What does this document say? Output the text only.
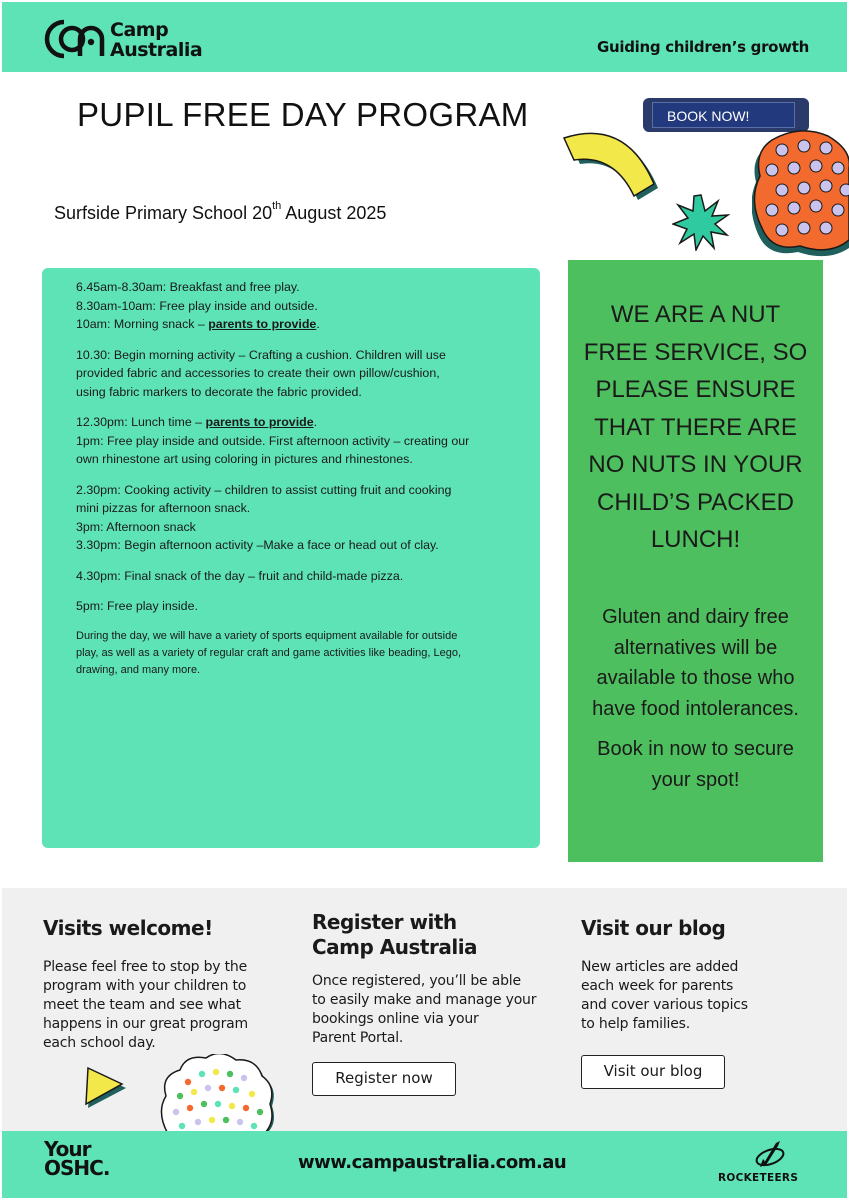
Camp
Australia	Guiding children’s growth
PUPIL FREE DAY PROGRAM	BOOK NOW!
Surfside Primary School 20th August 2025

6.45am-8.30am: Breakfast and free play.

8.30am-10am: Free play inside and outside.

10am: Morning snack – parents to provide.

10.30: Begin morning activity – Crafting a cushion. Children will use

provided fabric and accessories to create their own pillow/cushion,

using fabric markers to decorate the fabric provided.

12.30pm: Lunch time – parents to provide.

1pm: Free play inside and outside. First afternoon activity – creating our

own rhinestone art using coloring in pictures and rhinestones.

2.30pm: Cooking activity – children to assist cutting fruit and cooking

mini pizzas for afternoon snack.

3pm: Afternoon snack

3.30pm: Begin afternoon activity –Make a face or head out of clay.

4.30pm: Final snack of the day – fruit and child-made pizza.

5pm: Free play inside.

During the day, we will have a variety of sports equipment available for outside

play, as well as a variety of regular craft and game activities like beading, Lego,

drawing, and many more.

WE ARE A NUT
FREE SERVICE, SO
PLEASE ENSURE
THAT THERE ARE
NO NUTS IN YOUR
CHILD’S PACKED
LUNCH!
Gluten and dairy free
alternatives will be
available to those who
have food intolerances.
Book in now to secure
your spot!
Visits welcome!
Please feel free to stop by the
program with your children to
meet the team and see what
happens in our great program
each school day.
Register with
Camp Australia
Once registered, you’ll be able
to easily make and manage your
bookings online via your
Parent Portal.
Register now
Visit our blog
New articles are added
each week for parents
and cover various topics
to help families.
Visit our blog
Your
OSHC.	www.campaustralia.com.au
ROCKETEERS
